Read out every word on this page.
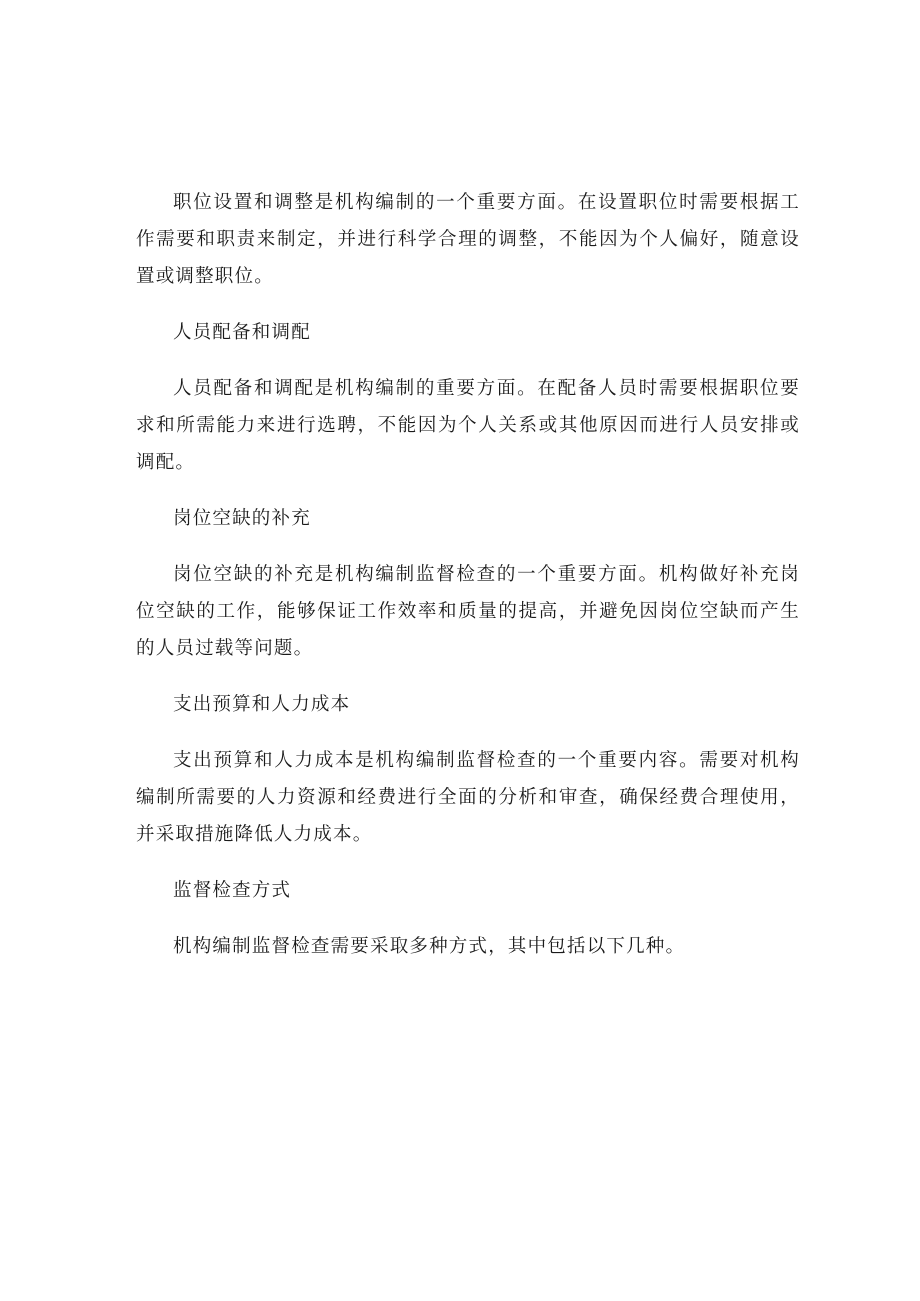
职位设置和调整是机构编制的一个重要方面。在设置职位时需要根据工作需要和职责来制定，并进行科学合理的调整，不能因为个人偏好，随意设置或调整职位。

人员配备和调配

人员配备和调配是机构编制的重要方面。在配备人员时需要根据职位要求和所需能力来进行选聘，不能因为个人关系或其他原因而进行人员安排或调配。

岗位空缺的补充

岗位空缺的补充是机构编制监督检查的一个重要方面。机构做好补充岗位空缺的工作，能够保证工作效率和质量的提高，并避免因岗位空缺而产生的人员过载等问题。

支出预算和人力成本

支出预算和人力成本是机构编制监督检查的一个重要内容。需要对机构编制所需要的人力资源和经费进行全面的分析和审查，确保经费合理使用，并采取措施降低人力成本。

监督检查方式

机构编制监督检查需要采取多种方式，其中包括以下几种。
